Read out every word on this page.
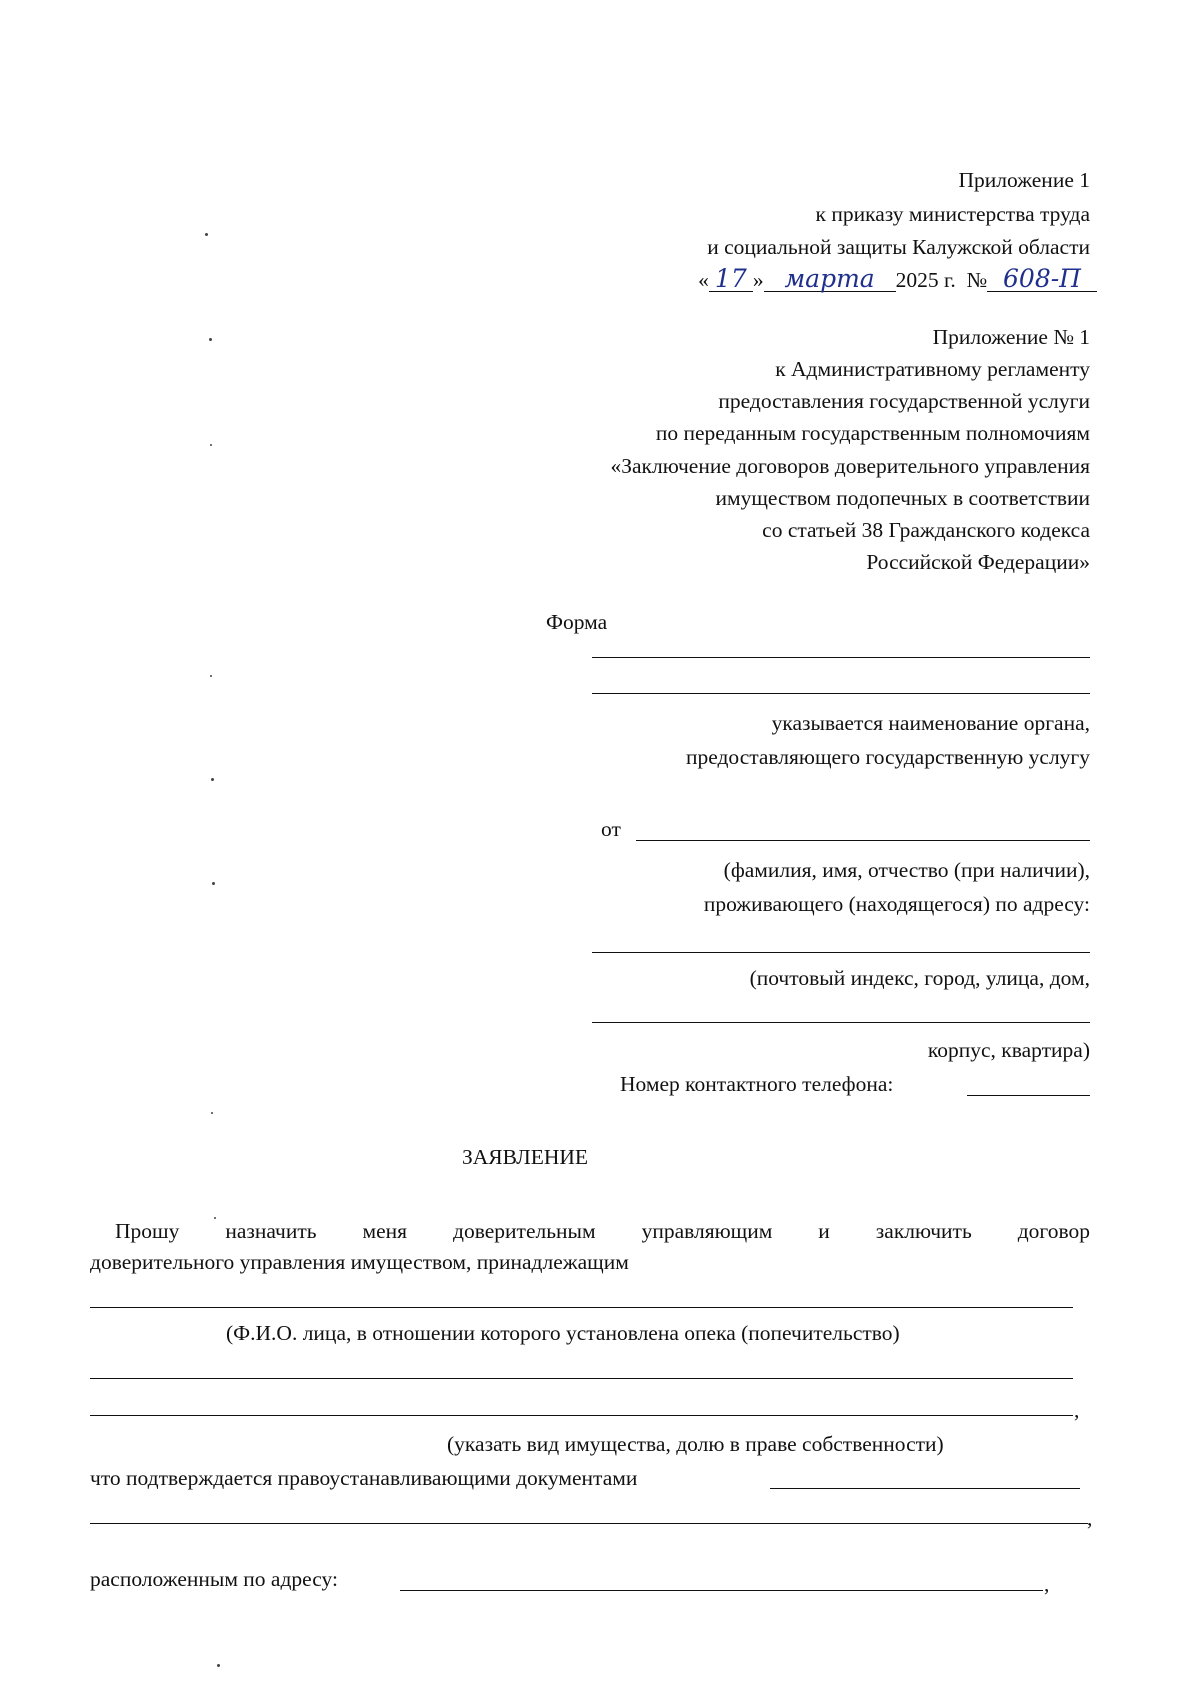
Приложение 1
к приказу министерства труда
и социальной защиты Калужской области
« 17 » марта 2025 г. № 608-П
Приложение № 1
к Административному регламенту
предоставления государственной услуги
по переданным государственным полномочиям
«Заключение договоров доверительного управления
имуществом подопечных в соответствии
со статьей 38 Гражданского кодекса
Российской Федерации»
Форма
указывается наименование органа,
предоставляющего государственную услугу
от
(фамилия, имя, отчество (при наличии),
проживающего (находящегося) по адресу:
(почтовый индекс, город, улица, дом,
корпус, квартира)
Номер контактного телефона:
ЗАЯВЛЕНИЕ
Прошу назначить меня доверительным управляющим и заключить договор
доверительного управления имуществом, принадлежащим
(Ф.И.О. лица, в отношении которого установлена опека (попечительство)
,
(указать вид имущества, долю в праве собственности)
что подтверждается правоустанавливающими документами
,
расположенным по адресу:	,
